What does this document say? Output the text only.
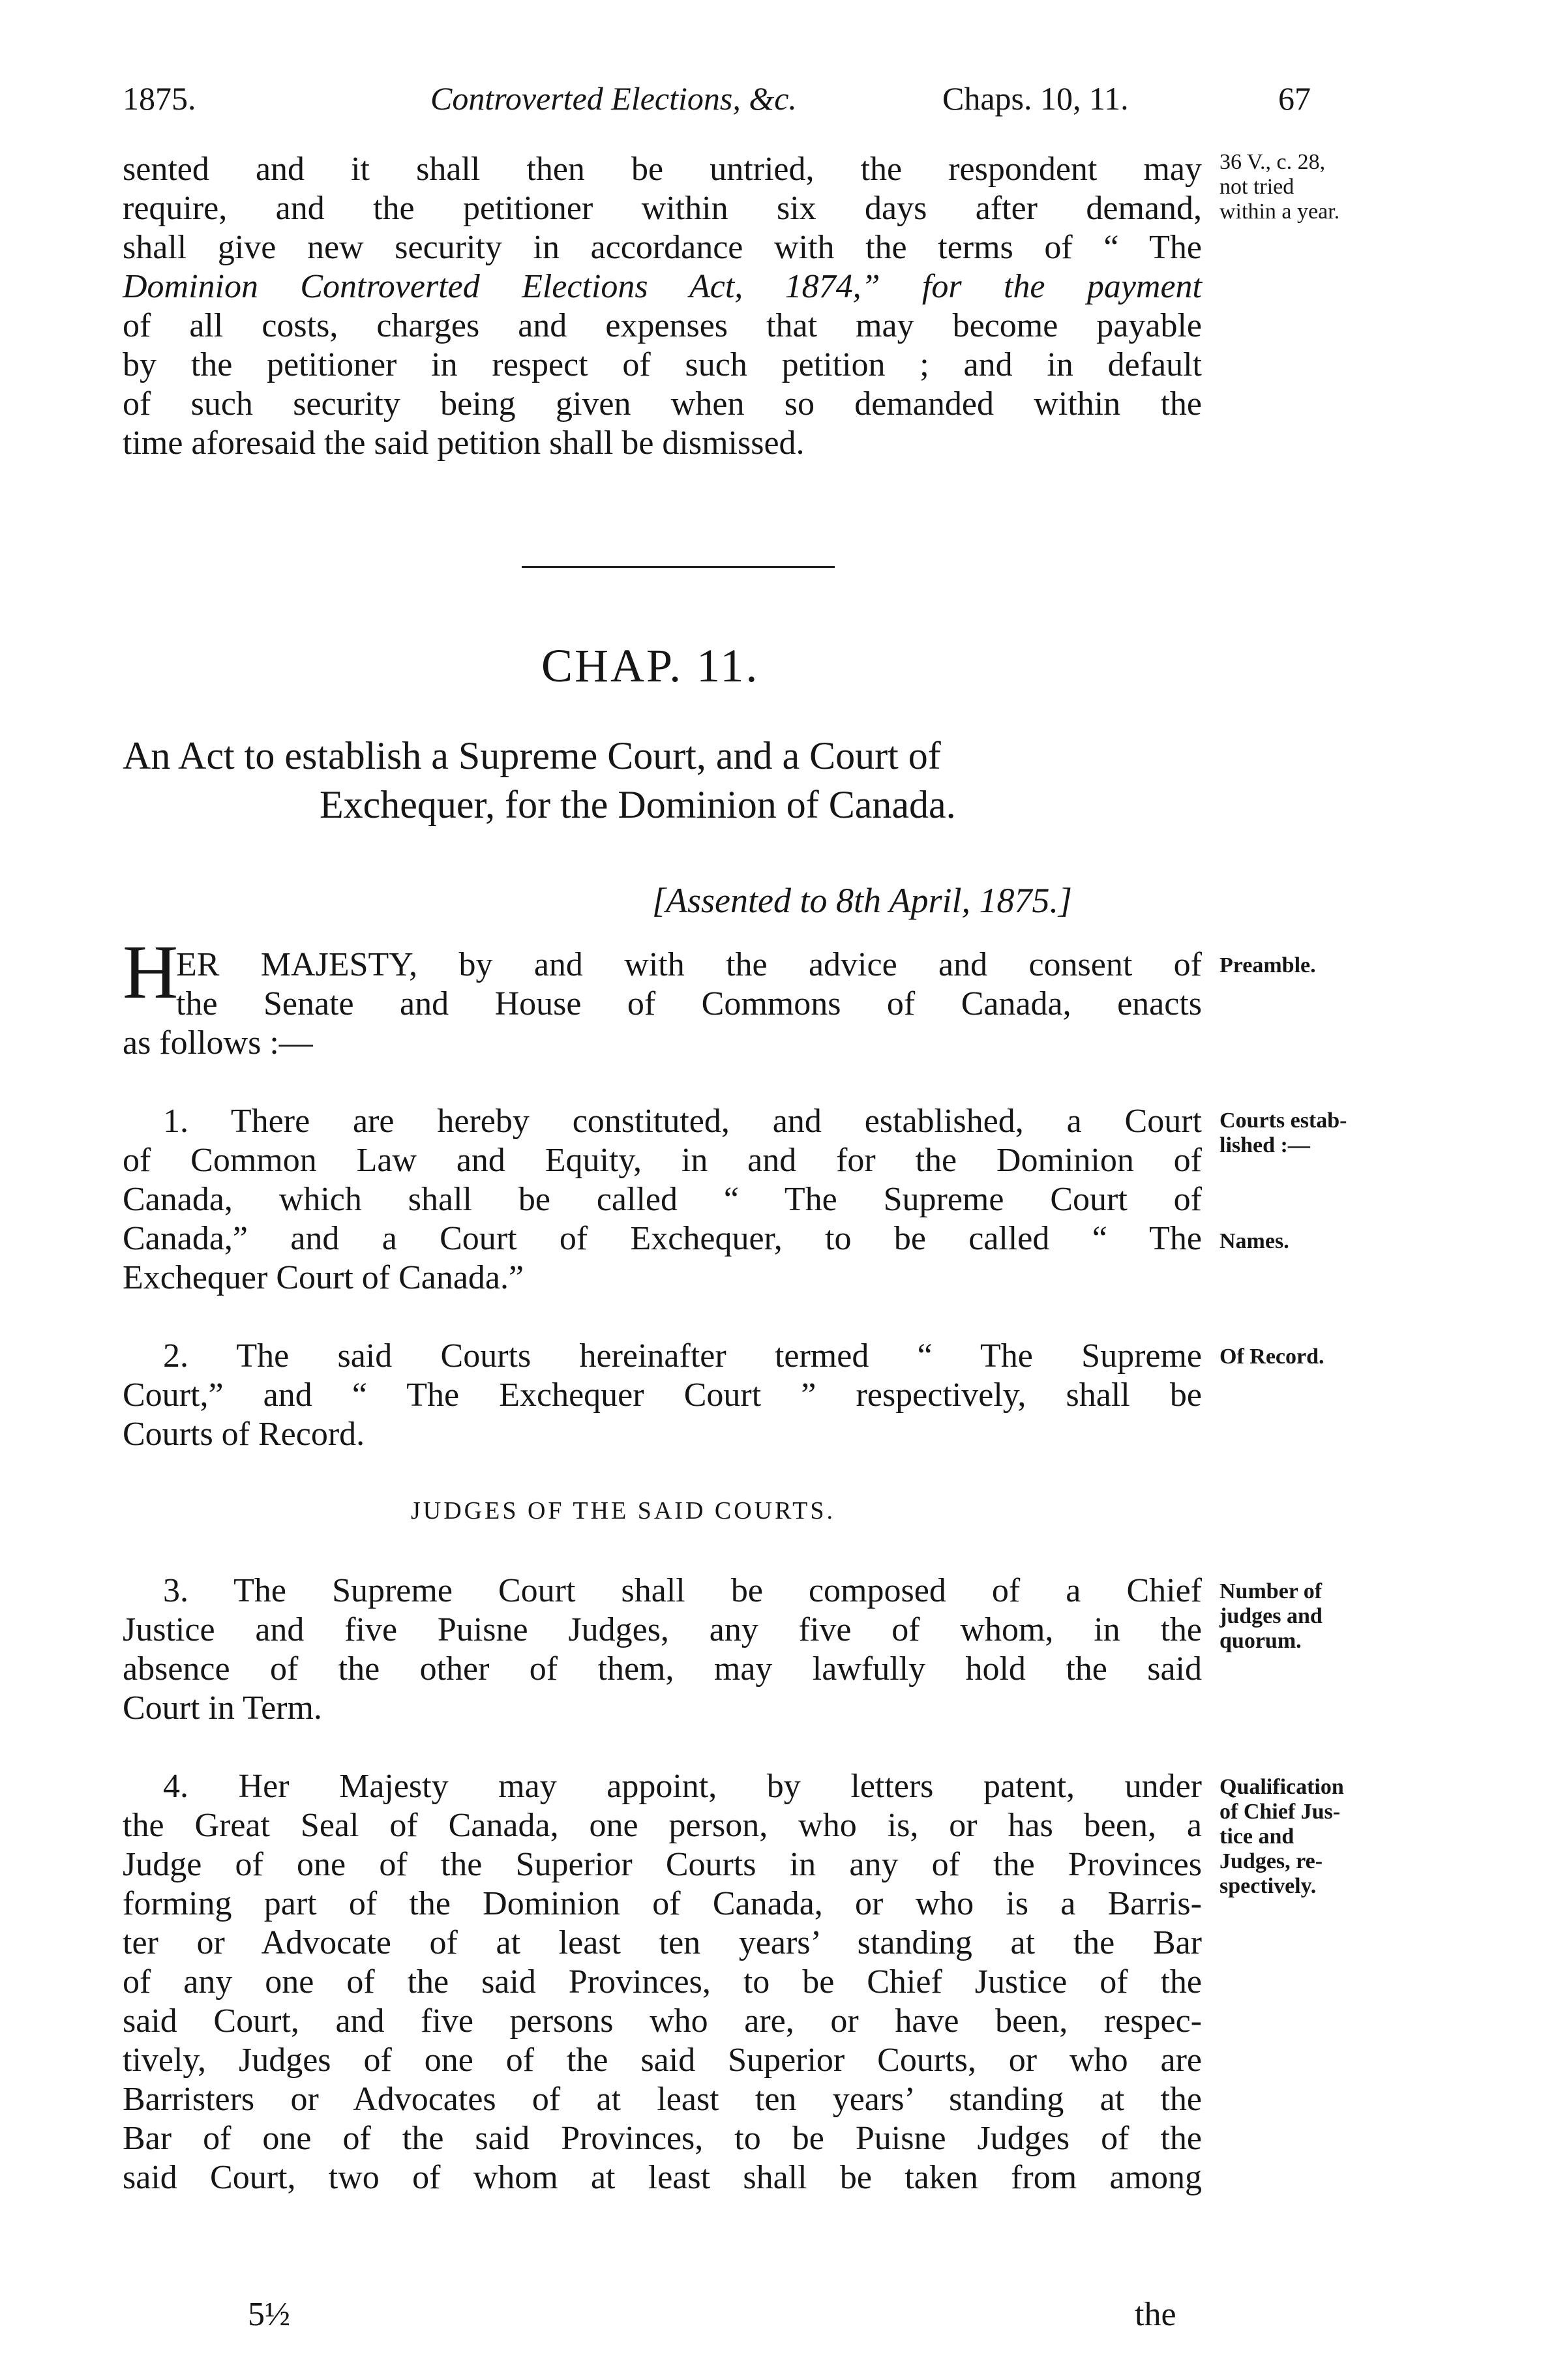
1875.	Controverted Elections, &c.	Chaps. 10, 11.	67
sented and it shall then be untried, the respondent may
require, and the petitioner within six days after demand,
shall give new security in accordance with the terms of “ The
Dominion Controverted Elections Act, 1874,” for the payment
of all costs, charges and expenses that may become payable
by the petitioner in respect of such petition ; and in default
of such security being given when so demanded within the
time aforesaid the said petition shall be dismissed.
36 V., c. 28,
not tried
within a year.
CHAP. 11.
An Act to establish a Supreme Court, and a Court of
Exchequer, for the Dominion of Canada.
[Assented to 8th April, 1875.]
H
ER MAJESTY, by and with the advice and consent of
the Senate and House of Commons of Canada, enacts
as follows :—
Preamble.
1. There are hereby constituted, and established, a Court
of Common Law and Equity, in and for the Dominion of
Canada, which shall be called “ The Supreme Court of
Canada,” and a Court of Exchequer, to be called “ The
Exchequer Court of Canada.”
Courts estab-
lished :—
Names.
2. The said Courts hereinafter termed “ The Supreme
Court,” and “ The Exchequer Court ” respectively, shall be
Courts of Record.
Of Record.
JUDGES OF THE SAID COURTS.
3. The Supreme Court shall be composed of a Chief
Justice and five Puisne Judges, any five of whom, in the
absence of the other of them, may lawfully hold the said
Court in Term.
Number of
judges and
quorum.
4. Her Majesty may appoint, by letters patent, under
the Great Seal of Canada, one person, who is, or has been, a
Judge of one of the Superior Courts in any of the Provinces
forming part of the Dominion of Canada, or who is a Barris-
ter or Advocate of at least ten years’ standing at the Bar
of any one of the said Provinces, to be Chief Justice of the
said Court, and five persons who are, or have been, respec-
tively, Judges of one of the said Superior Courts, or who are
Barristers or Advocates of at least ten years’ standing at the
Bar of one of the said Provinces, to be Puisne Judges of the
said Court, two of whom at least shall be taken from among
Qualification
of Chief Jus-
tice and
Judges, re-
spectively.
5½	the
